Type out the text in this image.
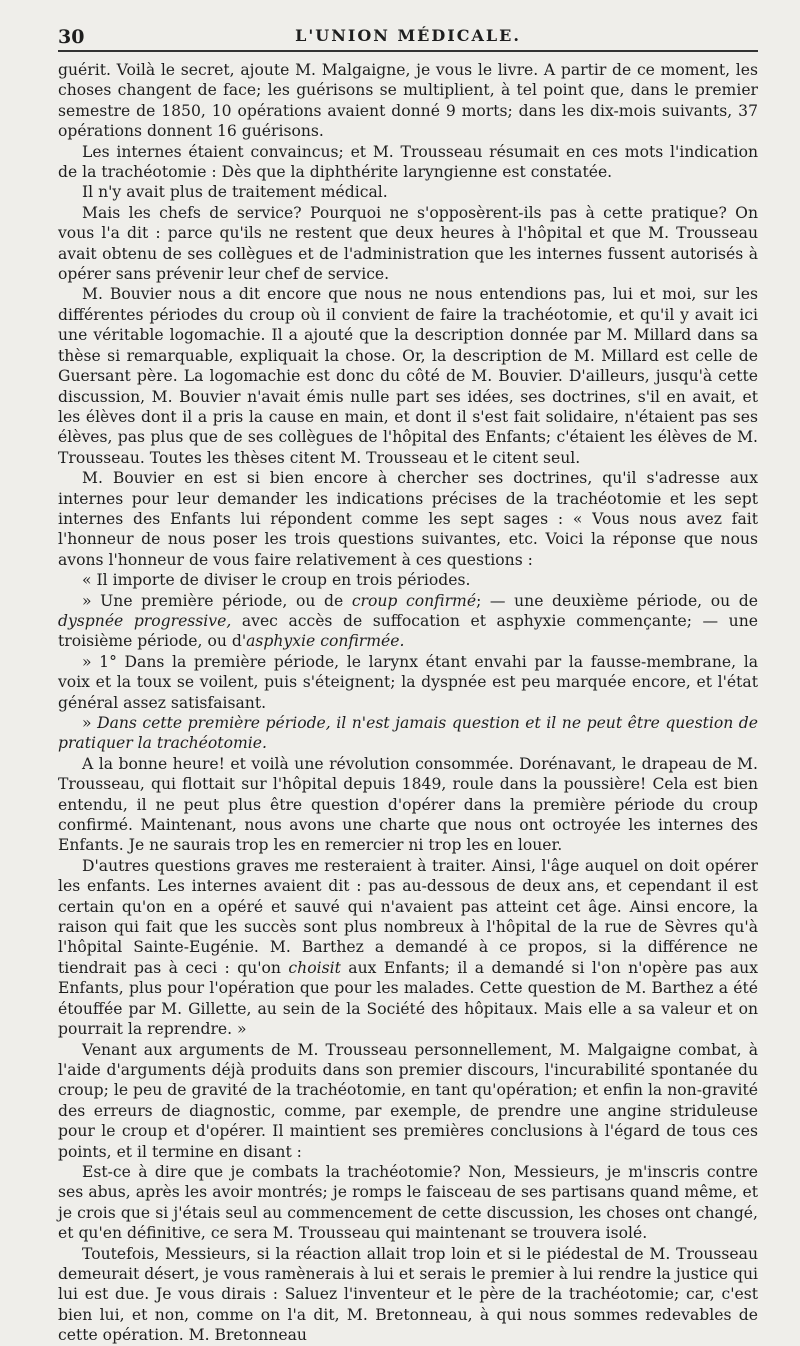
30	L'UNION MÉDICALE.

guérit. Voilà le secret, ajoute M. Malgaigne, je vous le livre. A partir de ce moment, les choses changent de face; les guérisons se multiplient, à tel point que, dans le premier semestre de 1850, 10 opérations avaient donné 9 morts; dans les dix-mois suivants, 37 opérations donnent 16 guérisons.

Les internes étaient convaincus; et M. Trousseau résumait en ces mots l'indication de la trachéotomie : Dès que la diphthérite laryngienne est constatée.

Il n'y avait plus de traitement médical.

Mais les chefs de service? Pourquoi ne s'opposèrent-ils pas à cette pratique? On vous l'a dit : parce qu'ils ne restent que deux heures à l'hôpital et que M. Trousseau avait obtenu de ses collègues et de l'administration que les internes fussent autorisés à opérer sans prévenir leur chef de service.

M. Bouvier nous a dit encore que nous ne nous entendions pas, lui et moi, sur les différentes périodes du croup où il convient de faire la trachéotomie, et qu'il y avait ici une véritable logomachie. Il a ajouté que la description donnée par M. Millard dans sa thèse si remarquable, expliquait la chose. Or, la description de M. Millard est celle de Guersant père. La logomachie est donc du côté de M. Bouvier. D'ailleurs, jusqu'à cette discussion, M. Bouvier n'avait émis nulle part ses idées, ses doctrines, s'il en avait, et les élèves dont il a pris la cause en main, et dont il s'est fait solidaire, n'étaient pas ses élèves, pas plus que de ses collègues de l'hôpital des Enfants; c'étaient les élèves de M. Trousseau. Toutes les thèses citent M. Trousseau et le citent seul.

M. Bouvier en est si bien encore à chercher ses doctrines, qu'il s'adresse aux internes pour leur demander les indications précises de la trachéotomie et les sept internes des Enfants lui répondent comme les sept sages : « Vous nous avez fait l'honneur de nous poser les trois questions suivantes, etc. Voici la réponse que nous avons l'honneur de vous faire relativement à ces questions :

« Il importe de diviser le croup en trois périodes.

» Une première période, ou de croup confirmé; — une deuxième période, ou de dyspnée progressive, avec accès de suffocation et asphyxie commençante; — une troisième période, ou d'asphyxie confirmée.

» 1° Dans la première période, le larynx étant envahi par la fausse-membrane, la voix et la toux se voilent, puis s'éteignent; la dyspnée est peu marquée encore, et l'état général assez satisfaisant.

» Dans cette première période, il n'est jamais question et il ne peut être question de pratiquer la trachéotomie.

A la bonne heure! et voilà une révolution consommée. Dorénavant, le drapeau de M. Trousseau, qui flottait sur l'hôpital depuis 1849, roule dans la poussière! Cela est bien entendu, il ne peut plus être question d'opérer dans la première période du croup confirmé. Maintenant, nous avons une charte que nous ont octroyée les internes des Enfants. Je ne saurais trop les en remercier ni trop les en louer.

D'autres questions graves me resteraient à traiter. Ainsi, l'âge auquel on doit opérer les enfants. Les internes avaient dit : pas au-dessous de deux ans, et cependant il est certain qu'on en a opéré et sauvé qui n'avaient pas atteint cet âge. Ainsi encore, la raison qui fait que les succès sont plus nombreux à l'hôpital de la rue de Sèvres qu'à l'hôpital Sainte-Eugénie. M. Barthez a demandé à ce propos, si la différence ne tiendrait pas à ceci : qu'on choisit aux Enfants; il a demandé si l'on n'opère pas aux Enfants, plus pour l'opération que pour les malades. Cette question de M. Barthez a été étouffée par M. Gillette, au sein de la Société des hôpitaux. Mais elle a sa valeur et on pourrait la reprendre. »

Venant aux arguments de M. Trousseau personnellement, M. Malgaigne combat, à l'aide d'arguments déjà produits dans son premier discours, l'incurabilité spontanée du croup; le peu de gravité de la trachéotomie, en tant qu'opération; et enfin la non-gravité des erreurs de diagnostic, comme, par exemple, de prendre une angine striduleuse pour le croup et d'opérer. Il maintient ses premières conclusions à l'égard de tous ces points, et il termine en disant :

Est-ce à dire que je combats la trachéotomie? Non, Messieurs, je m'inscris contre ses abus, après les avoir montrés; je romps le faisceau de ses partisans quand même, et je crois que si j'étais seul au commencement de cette discussion, les choses ont changé, et qu'en définitive, ce sera M. Trousseau qui maintenant se trouvera isolé.

Toutefois, Messieurs, si la réaction allait trop loin et si le piédestal de M. Trousseau demeurait désert, je vous ramènerais à lui et serais le premier à lui rendre la justice qui lui est due. Je vous dirais : Saluez l'inventeur et le père de la trachéotomie; car, c'est bien lui, et non, comme on l'a dit, M. Bretonneau, à qui nous sommes redevables de cette opération. M. Bretonneau
